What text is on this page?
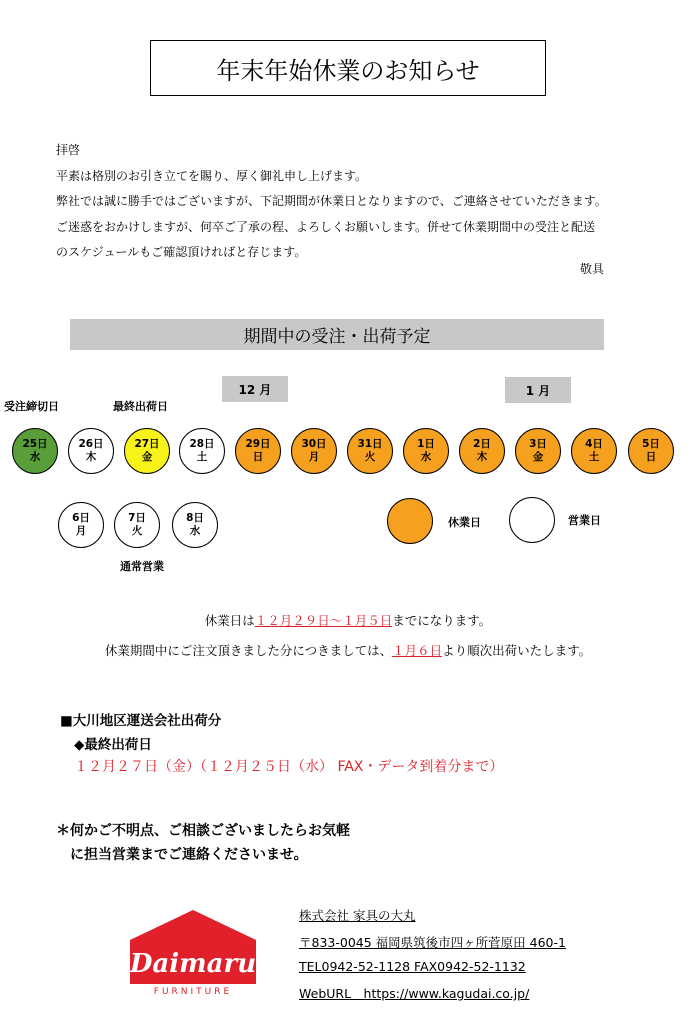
年末年始休業のお知らせ

拝啓

平素は格別のお引き立てを賜り、厚く御礼申し上げます。

弊社では誠に勝手ではございますが、下記期間が休業日となりますので、ご連絡させていただきます。

ご迷惑をおかけしますが、何卒ご了承の程、よろしくお願いします。併せて休業期間中の受注と配送

のスケジュールもご確認頂ければと存じます。

敬具
期間中の受注・出荷予定
12 月	1 月
受注締切日	最終出荷日
25日
水
26日
木
27日
金
28日
土
29日
日
30日
月
31日
火
1日
水
2日
木
3日
金
4日
土
5日
日
6日
月
7日
火
8日
水
通常営業
休業日	営業日
休業日は１２月２９日～１月５日までになります。
休業期間中にご注文頂きました分につきましては、１月６日より順次出荷いたします。
■大川地区運送会社出荷分
◆最終出荷日
１２月２７日（金）（１２月２５日（水） FAX・データ到着分まで）
＊何かご不明点、ご相談ございましたらお気軽
に担当営業までご連絡くださいませ。
Daimaru
FURNITURE
株式会社 家具の大丸
〒833-0045 福岡県筑後市四ヶ所菅原田 460-1
TEL0942-52-1128 FAX0942-52-1132
WebURL　https://www.kagudai.co.jp/
